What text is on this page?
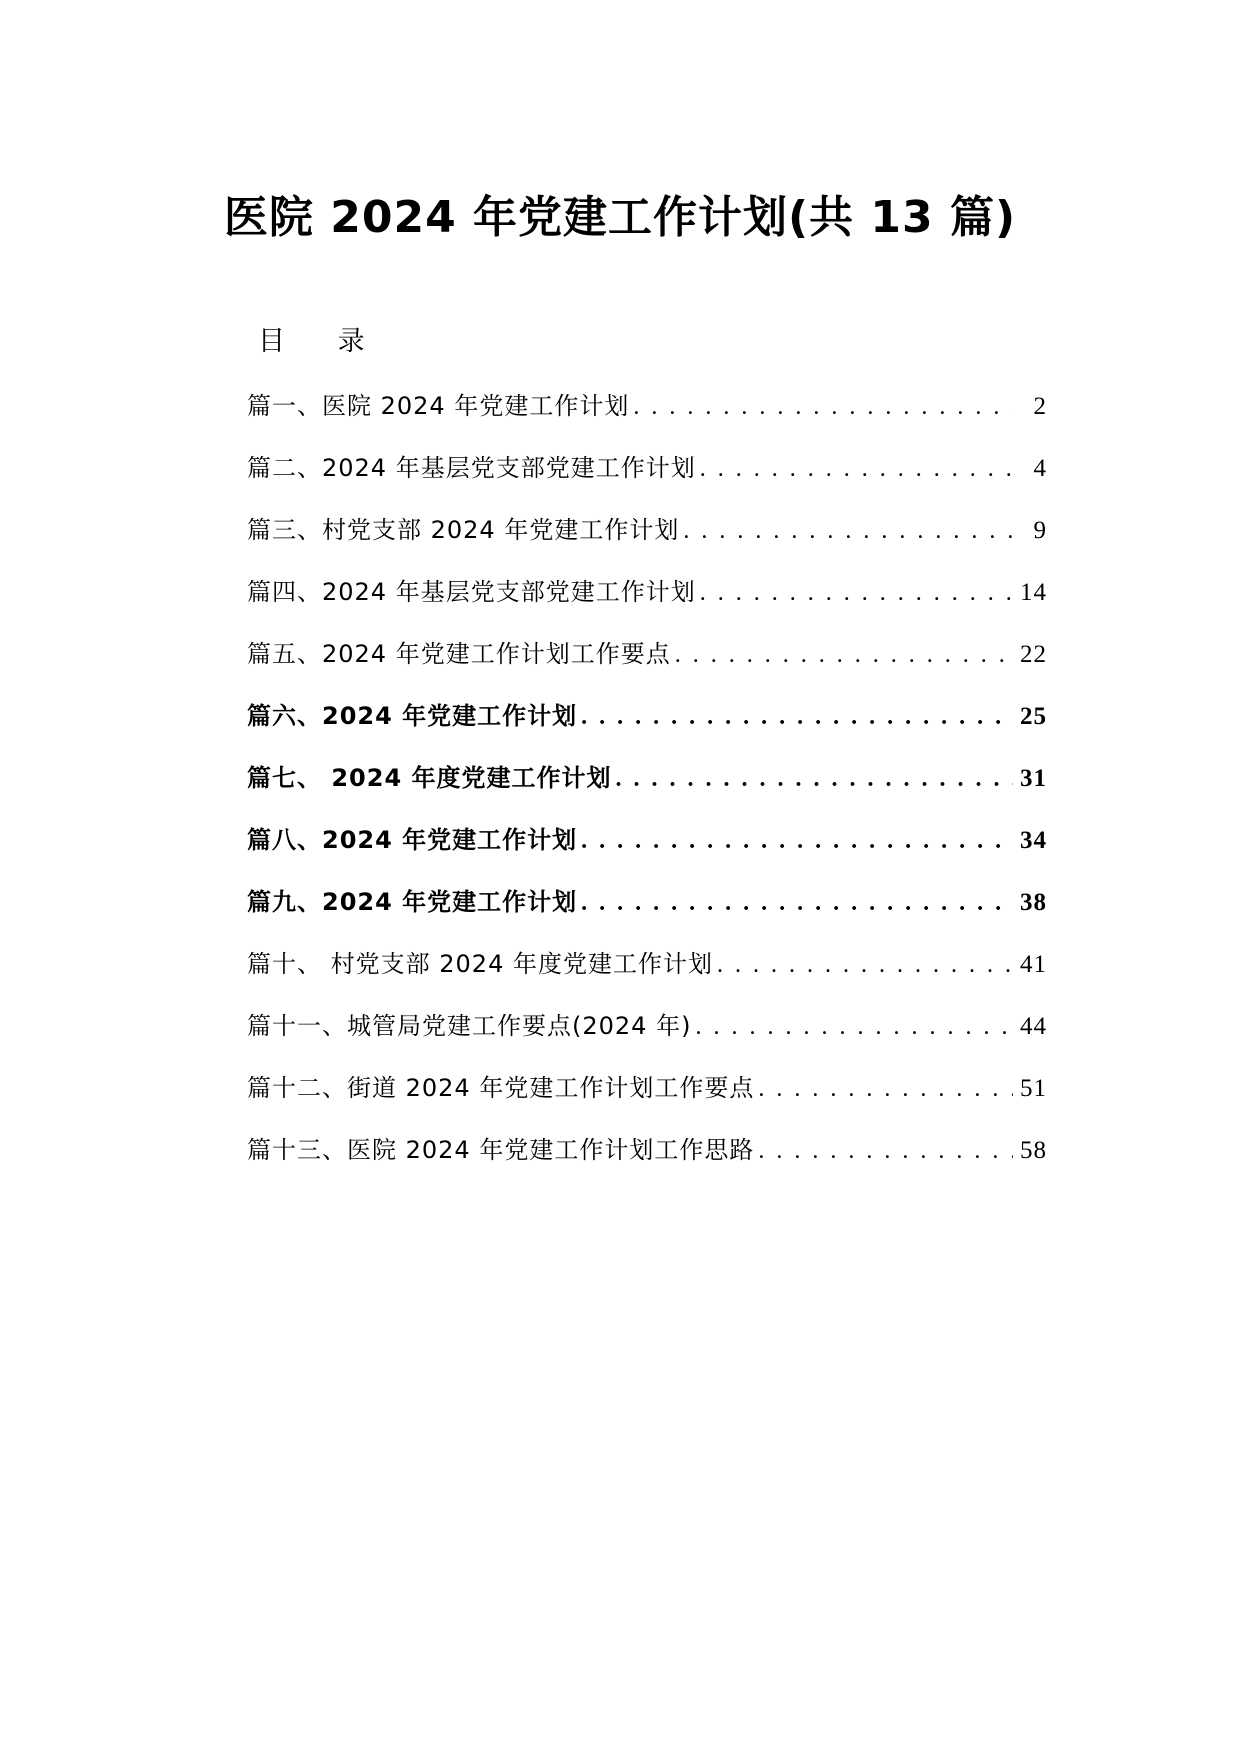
医院 2024 年党建工作计划(共 13 篇)
目 录
篇一、医院 2024 年党建工作计划 . . .	2
篇二、2024 年基层党支部党建工作计划 . . .	4
篇三、村党支部 2024 年党建工作计划 . . .	9
篇四、2024 年基层党支部党建工作计划 . . .	14
篇五、2024 年党建工作计划工作要点 . . .	22
篇六、2024 年党建工作计划 . . .	25
篇七、 2024 年度党建工作计划 . . .	31
篇八、2024 年党建工作计划 . . .	34
篇九、2024 年党建工作计划 . . .	38
篇十、 村党支部 2024 年度党建工作计划 . . .	41
篇十一、城管局党建工作要点(2024 年) . . .	44
篇十二、街道 2024 年党建工作计划工作要点 . . .	51
篇十三、医院 2024 年党建工作计划工作思路 . . .	58
